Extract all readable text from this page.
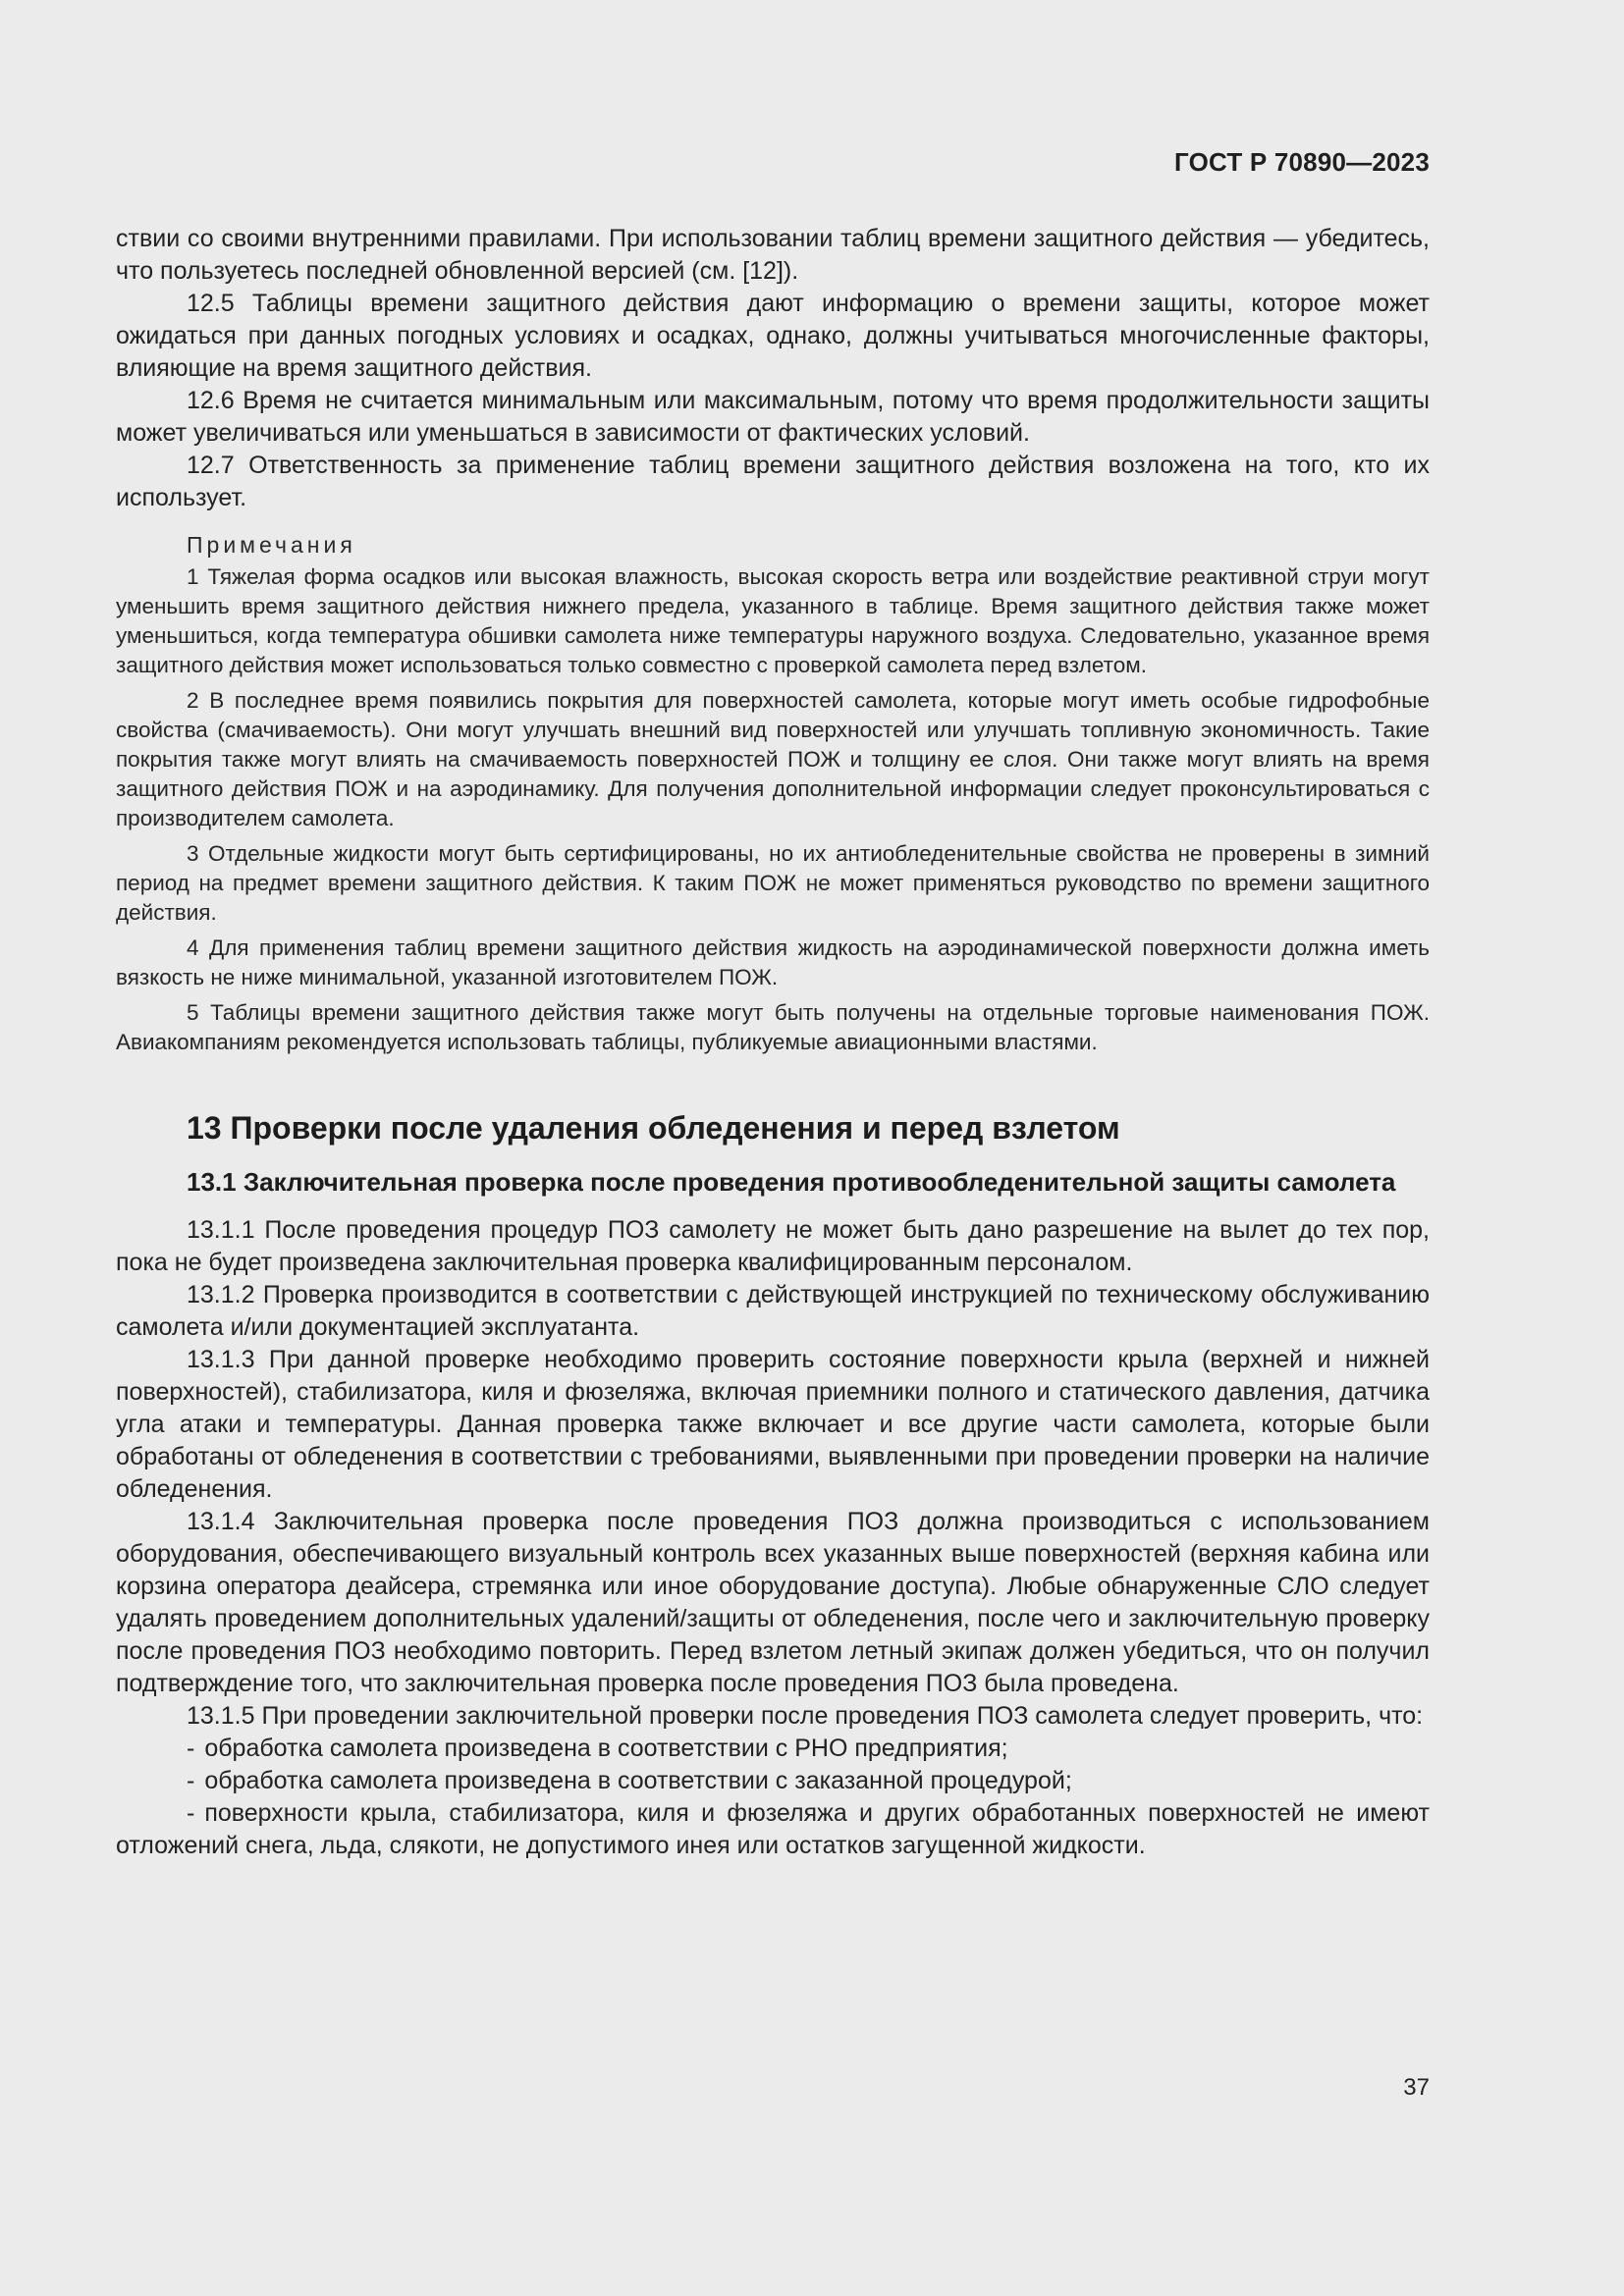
ГОСТ Р 70890—2023

ствии со своими внутренними правилами. При использовании таблиц времени защитного действия — убедитесь, что пользуетесь последней обновленной версией (см. [12]).

12.5 Таблицы времени защитного действия дают информацию о времени защиты, которое может ожидаться при данных погодных условиях и осадках, однако, должны учитываться многочисленные факторы, влияющие на время защитного действия.

12.6 Время не считается минимальным или максимальным, потому что время продолжительности защиты может увеличиваться или уменьшаться в зависимости от фактических условий.

12.7 Ответственность за применение таблиц времени защитного действия возложена на того, кто их использует.

Примечания

1 Тяжелая форма осадков или высокая влажность, высокая скорость ветра или воздействие реактивной струи могут уменьшить время защитного действия нижнего предела, указанного в таблице. Время защитного действия также может уменьшиться, когда температура обшивки самолета ниже температуры наружного воздуха. Следовательно, указанное время защитного действия может использоваться только совместно с проверкой самолета перед взлетом.

2 В последнее время появились покрытия для поверхностей самолета, которые могут иметь особые гидрофобные свойства (смачиваемость). Они могут улучшать внешний вид поверхностей или улучшать топливную экономичность. Такие покрытия также могут влиять на смачиваемость поверхностей ПОЖ и толщину ее слоя. Они также могут влиять на время защитного действия ПОЖ и на аэродинамику. Для получения дополнительной информации следует проконсультироваться с производителем самолета.

3 Отдельные жидкости могут быть сертифицированы, но их антиобледенительные свойства не проверены в зимний период на предмет времени защитного действия. К таким ПОЖ не может применяться руководство по времени защитного действия.

4 Для применения таблиц времени защитного действия жидкость на аэродинамической поверхности должна иметь вязкость не ниже минимальной, указанной изготовителем ПОЖ.

5 Таблицы времени защитного действия также могут быть получены на отдельные торговые наименования ПОЖ. Авиакомпаниям рекомендуется использовать таблицы, публикуемые авиационными властями.

13 Проверки после удаления обледенения и перед взлетом
13.1 Заключительная проверка после проведения противообледенительной защиты самолета

13.1.1 После проведения процедур ПОЗ самолету не может быть дано разрешение на вылет до тех пор, пока не будет произведена заключительная проверка квалифицированным персоналом.

13.1.2 Проверка производится в соответствии с действующей инструкцией по техническому обслуживанию самолета и/или документацией эксплуатанта.

13.1.3 При данной проверке необходимо проверить состояние поверхности крыла (верхней и нижней поверхностей), стабилизатора, киля и фюзеляжа, включая приемники полного и статического давления, датчика угла атаки и температуры. Данная проверка также включает и все другие части самолета, которые были обработаны от обледенения в соответствии с требованиями, выявленными при проведении проверки на наличие обледенения.

13.1.4 Заключительная проверка после проведения ПОЗ должна производиться с использованием оборудования, обеспечивающего визуальный контроль всех указанных выше поверхностей (верхняя кабина или корзина оператора деайсера, стремянка или иное оборудование доступа). Любые обнаруженные СЛО следует удалять проведением дополнительных удалений/защиты от обледенения, после чего и заключительную проверку после проведения ПОЗ необходимо повторить. Перед взлетом летный экипаж должен убедиться, что он получил подтверждение того, что заключительная проверка после проведения ПОЗ была проведена.

13.1.5 При проведении заключительной проверки после проведения ПОЗ самолета следует проверить, что:

- обработка самолета произведена в соответствии с РНО предприятия;

- обработка самолета произведена в соответствии с заказанной процедурой;

- поверхности крыла, стабилизатора, киля и фюзеляжа и других обработанных поверхностей не имеют отложений снега, льда, слякоти, не допустимого инея или остатков загущенной жидкости.

37
